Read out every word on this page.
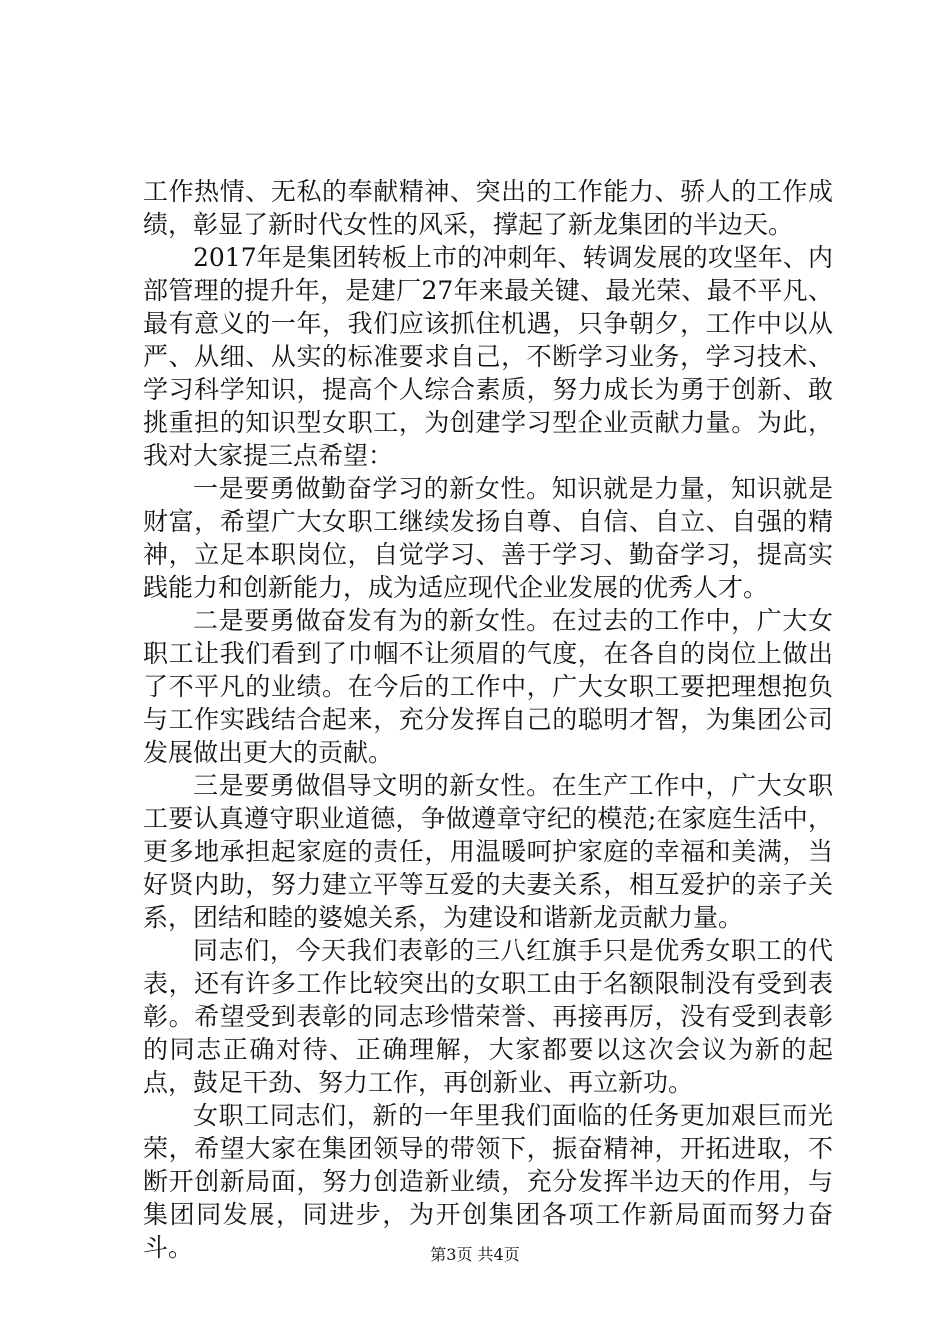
工作热情、无私的奉献精神、突出的工作能力、骄人的工作成绩，彰显了新时代女性的风采，撑起了新龙集团的半边天。

2017年是集团转板上市的冲刺年、转调发展的攻坚年、内部管理的提升年，是建厂27年来最关键、最光荣、最不平凡、最有意义的一年，我们应该抓住机遇，只争朝夕，工作中以从严、从细、从实的标准要求自己，不断学习业务，学习技术、学习科学知识，提高个人综合素质，努力成长为勇于创新、敢挑重担的知识型女职工，为创建学习型企业贡献力量。为此，我对大家提三点希望：

一是要勇做勤奋学习的新女性。知识就是力量，知识就是财富，希望广大女职工继续发扬自尊、自信、自立、自强的精神，立足本职岗位，自觉学习、善于学习、勤奋学习，提高实践能力和创新能力，成为适应现代企业发展的优秀人才。

二是要勇做奋发有为的新女性。在过去的工作中，广大女职工让我们看到了巾帼不让须眉的气度，在各自的岗位上做出了不平凡的业绩。在今后的工作中，广大女职工要把理想抱负与工作实践结合起来，充分发挥自己的聪明才智，为集团公司发展做出更大的贡献。

三是要勇做倡导文明的新女性。在生产工作中，广大女职工要认真遵守职业道德，争做遵章守纪的模范;在家庭生活中，更多地承担起家庭的责任，用温暖呵护家庭的幸福和美满，当好贤内助，努力建立平等互爱的夫妻关系，相互爱护的亲子关系，团结和睦的婆媳关系，为建设和谐新龙贡献力量。

同志们，今天我们表彰的三八红旗手只是优秀女职工的代表，还有许多工作比较突出的女职工由于名额限制没有受到表彰。希望受到表彰的同志珍惜荣誉、再接再厉，没有受到表彰的同志正确对待、正确理解，大家都要以这次会议为新的起点，鼓足干劲、努力工作，再创新业、再立新功。

女职工同志们，新的一年里我们面临的任务更加艰巨而光荣，希望大家在集团领导的带领下，振奋精神，开拓进取，不断开创新局面，努力创造新业绩，充分发挥半边天的作用，与集团同发展，同进步，为开创集团各项工作新局面而努力奋斗。	第3页 共4页
